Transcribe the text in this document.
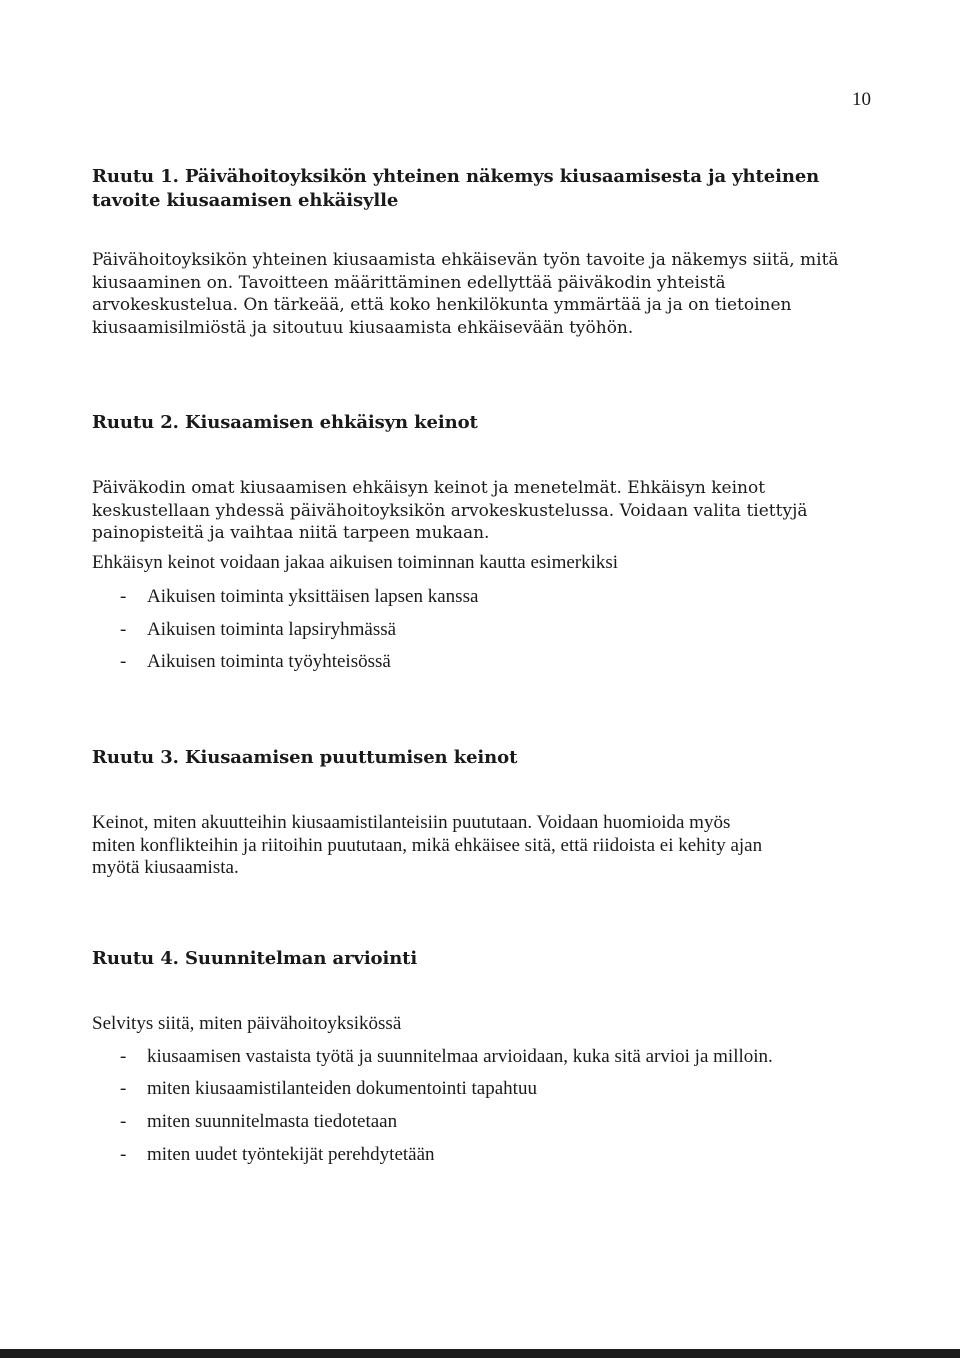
10
Ruutu 1. Päivähoitoyksikön yhteinen näkemys kiusaamisesta ja yhteinen
tavoite kiusaamisen ehkäisylle
Päivähoitoyksikön yhteinen kiusaamista ehkäisevän työn tavoite ja näkemys siitä, mitä
kiusaaminen on. Tavoitteen määrittäminen edellyttää päiväkodin yhteistä
arvokeskustelua. On tärkeää, että koko henkilökunta ymmärtää ja ja on tietoinen
kiusaamisilmiöstä ja sitoutuu kiusaamista ehkäisevään työhön.
Ruutu 2. Kiusaamisen ehkäisyn keinot
Päiväkodin omat kiusaamisen ehkäisyn keinot ja menetelmät. Ehkäisyn keinot
keskustellaan yhdessä päivähoitoyksikön arvokeskustelussa. Voidaan valita tiettyjä
painopisteitä ja vaihtaa niitä tarpeen mukaan.
Ehkäisyn keinot voidaan jakaa aikuisen toiminnan kautta esimerkiksi
- Aikuisen toiminta yksittäisen lapsen kanssa
- Aikuisen toiminta lapsiryhmässä
- Aikuisen toiminta työyhteisössä
Ruutu 3. Kiusaamisen puuttumisen keinot
Keinot, miten akuutteihin kiusaamistilanteisiin puututaan. Voidaan huomioida myös
miten konflikteihin ja riitoihin puututaan, mikä ehkäisee sitä, että riidoista ei kehity ajan
myötä kiusaamista.
Ruutu 4. Suunnitelman arviointi
Selvitys siitä, miten päivähoitoyksikössä
- kiusaamisen vastaista työtä ja suunnitelmaa arvioidaan, kuka sitä arvioi ja milloin.
- miten kiusaamistilanteiden dokumentointi tapahtuu
- miten suunnitelmasta tiedotetaan
- miten uudet työntekijät perehdytetään
